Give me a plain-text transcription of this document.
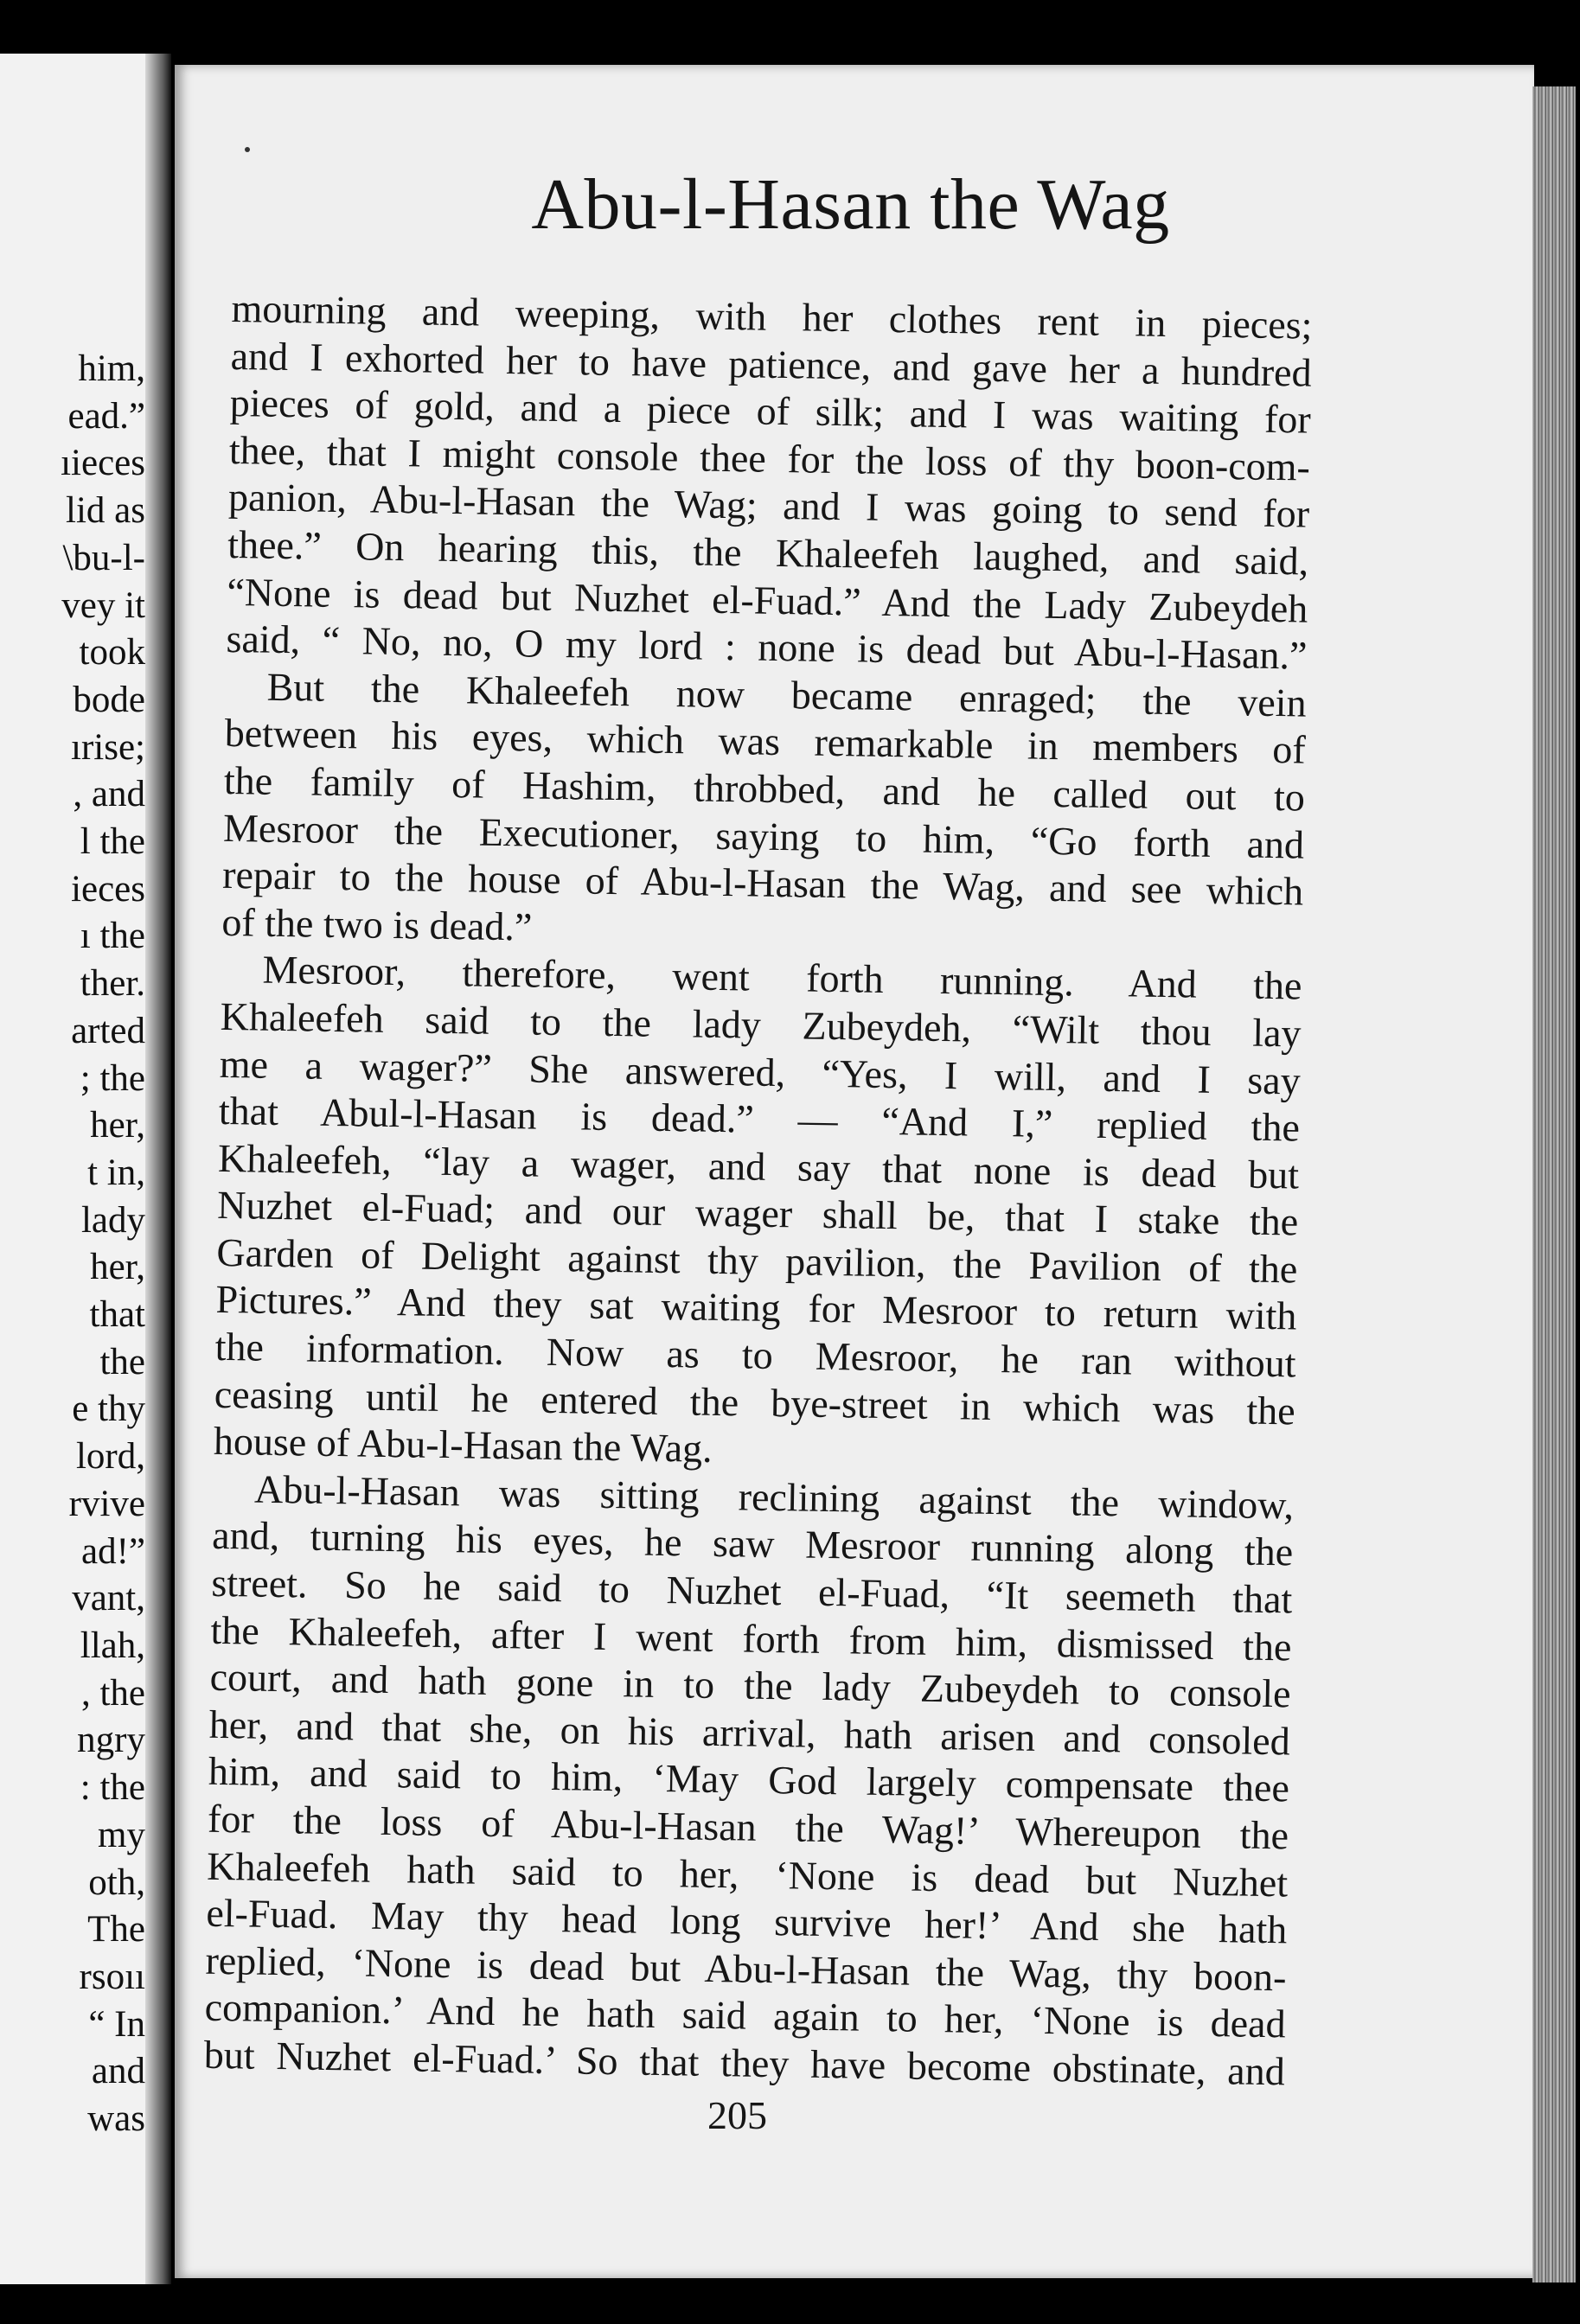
him,
ead.”
ıieces
lid as
\bu-l-
vey it
took
bode
ırise;
, and
l the
ieces
ı the
ther.
arted
; the
her,
t in,
lady
her,
that
the
e thy
lord,
rvive
ad!”
vant,
llah,
, the
ngry
: the
my
oth,
The
rsoıı
“ In
and
was
Abu-l-Hasan the Wag
mourning and weeping, with her clothes rent in pieces;
and I exhorted her to have patience, and gave her a hundred
pieces of gold, and a piece of silk; and I was waiting for
thee, that I might console thee for the loss of thy boon-com-
panion, Abu-l-Hasan the Wag; and I was going to send for
thee.” On hearing this, the Khaleefeh laughed, and said,
“None is dead but Nuzhet el-Fuad.” And the Lady Zubeydeh
said, “ No, no, O my lord : none is dead but Abu-l-Hasan.”
But the Khaleefeh now became enraged; the vein
between his eyes, which was remarkable in members of
the family of Hashim, throbbed, and he called out to
Mesroor the Executioner, saying to him, “Go forth and
repair to the house of Abu-l-Hasan the Wag, and see which
of the two is dead.”
Mesroor, therefore, went forth running. And the
Khaleefeh said to the lady Zubeydeh, “Wilt thou lay
me a wager?” She answered, “Yes, I will, and I say
that Abul-l-Hasan is dead.” — “And I,” replied the
Khaleefeh, “lay a wager, and say that none is dead but
Nuzhet el-Fuad; and our wager shall be, that I stake the
Garden of Delight against thy pavilion, the Pavilion of the
Pictures.” And they sat waiting for Mesroor to return with
the information. Now as to Mesroor, he ran without
ceasing until he entered the bye-street in which was the
house of Abu-l-Hasan the Wag.
Abu-l-Hasan was sitting reclining against the window,
and, turning his eyes, he saw Mesroor running along the
street. So he said to Nuzhet el-Fuad, “It seemeth that
the Khaleefeh, after I went forth from him, dismissed the
court, and hath gone in to the lady Zubeydeh to console
her, and that she, on his arrival, hath arisen and consoled
him, and said to him, ‘May God largely compensate thee
for the loss of Abu-l-Hasan the Wag!’ Whereupon the
Khaleefeh hath said to her, ‘None is dead but Nuzhet
el-Fuad. May thy head long survive her!’ And she hath
replied, ‘None is dead but Abu-l-Hasan the Wag, thy boon-
companion.’ And he hath said again to her, ‘None is dead
but Nuzhet el-Fuad.’ So that they have become obstinate, and
205
